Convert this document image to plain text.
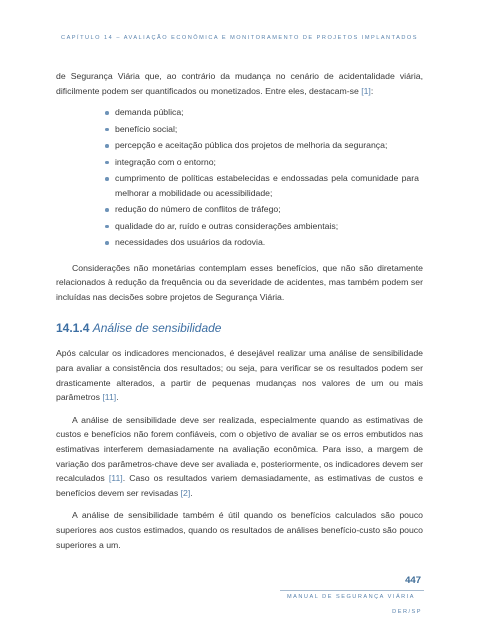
CAPÍTULO 14 – AVALIAÇÃO ECONÔMICA E MONITORAMENTO DE PROJETOS IMPLANTADOS

de Segurança Viária que, ao contrário da mudança no cenário de acidentalidade viária, dificilmente podem ser quantificados ou monetizados. Entre eles, destacam-se [1]:

demanda pública;
benefício social;
percepção e aceitação pública dos projetos de melhoria da segurança;
integração com o entorno;
cumprimento de políticas estabelecidas e endossadas pela comunidade para melhorar a mobilidade ou acessibilidade;
redução do número de conflitos de tráfego;
qualidade do ar, ruído e outras considerações ambientais;
necessidades dos usuários da rodovia.

Considerações não monetárias contemplam esses benefícios, que não são diretamente relacionados à redução da frequência ou da severidade de acidentes, mas também podem ser incluídas nas decisões sobre projetos de Segurança Viária.

14.1.4 Análise de sensibilidade

Após calcular os indicadores mencionados, é desejável realizar uma análise de sensibilidade para avaliar a consistência dos resultados; ou seja, para verificar se os resultados podem ser drasticamente alterados, a partir de pequenas mudanças nos valores de um ou mais parâmetros [11].

A análise de sensibilidade deve ser realizada, especialmente quando as estimativas de custos e benefícios não forem confiáveis, com o objetivo de avaliar se os erros embutidos nas estimativas interferem demasiadamente na avaliação econômica. Para isso, a margem de variação dos parâmetros-chave deve ser avaliada e, posteriormente, os indicadores devem ser recalculados [11]. Caso os resultados variem demasiadamente, as estimativas de custos e benefícios devem ser revisadas [2].

A análise de sensibilidade também é útil quando os benefícios calculados são pouco superiores aos custos estimados, quando os resultados de análises benefício-custo são pouco superiores a um.

447
MANUAL DE SEGURANÇA VIÁRIA
DER/SP
